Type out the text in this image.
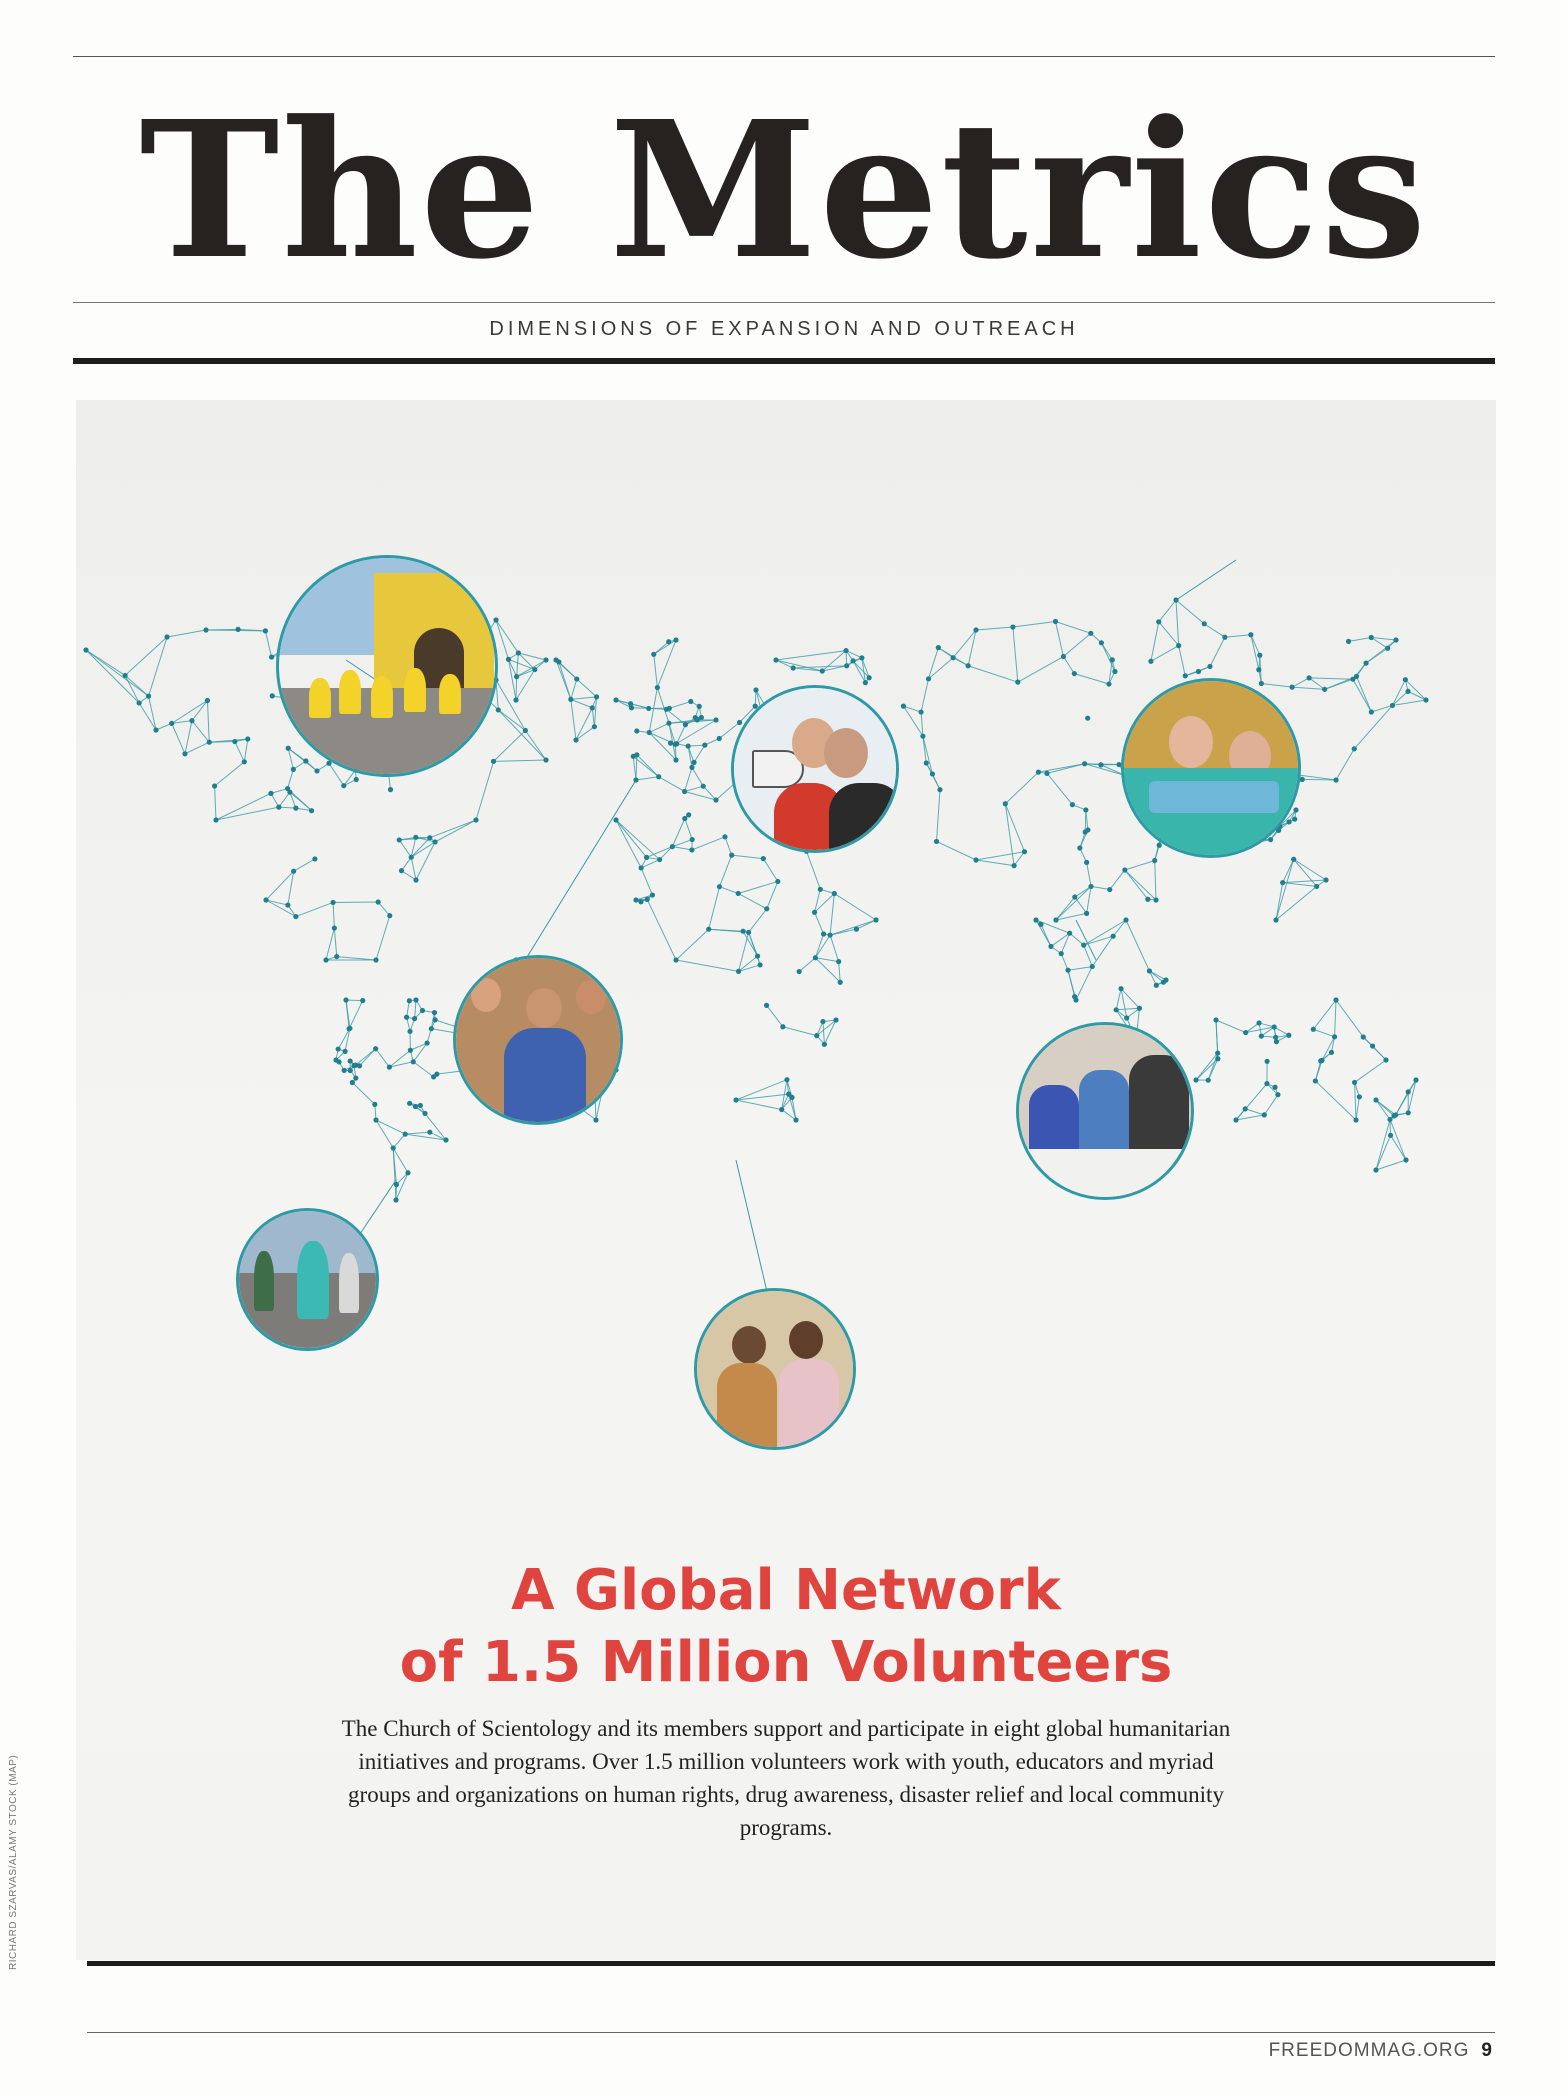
The Metrics
DIMENSIONS OF EXPANSION AND OUTREACH
A Global Network
of 1.5 Million Volunteers

The Church of Scientology and its members support and participate in eight global humanitarian initiatives and programs. Over 1.5 million volunteers work with youth, educators and myriad groups and organizations on human rights, drug awareness, disaster relief and local community programs.

RICHARD SZARVAS/ALAMY STOCK (MAP)
FREEDOMMAG.ORG 9
